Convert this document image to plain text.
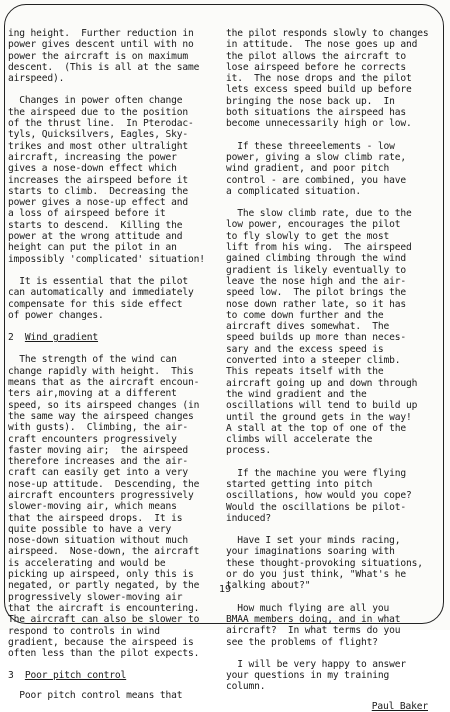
ing height.  Further reduction in
power gives descent until with no
power the aircraft is on maximum
descent.  (This is all at the same
airspeed).

Changes in power often change
the airspeed due to the position
of the thrust line.  In Pterodac-
tyls, Quicksilvers, Eagles, Sky-
trikes and most other ultralight
aircraft, increasing the power
gives a nose-down effect which
increases the airspeed before it
starts to climb.  Decreasing the
power gives a nose-up effect and
a loss of airspeed before it
starts to descend.  Killing the
power at the wrong attitude and
height can put the pilot in an
impossibly 'complicated' situation!

It is essential that the pilot
can automatically and immediately
compensate for this side effect
of power changes.

2 Wind gradient

The strength of the wind can
change rapidly with height.  This
means that as the aircraft encoun-
ters air,moving at a different
speed, so its airspeed changes (in
the same way the airspeed changes
with gusts).  Climbing, the air-
craft encounters progressively
faster moving air;  the airspeed
therefore increases and the air-
craft can easily get into a very
nose-up attitude.  Descending, the
aircraft encounters progressively
slower-moving air, which means
that the airspeed drops.  It is
quite possible to have a very
nose-down situation without much
airspeed.  Nose-down, the aircraft
is accelerating and would be
picking up airspeed, only this is
negated, or partly negated, by the
progressively slower-moving air
that the aircraft is encountering.
The aircraft can also be slower to
respond to controls in wind
gradient, because the airspeed is
often less than the pilot expects.

3 Poor pitch control

Poor pitch control means that

the pilot responds slowly to changes
in attitude.  The nose goes up and
the pilot allows the aircraft to
lose airspeed before he corrects
it.  The nose drops and the pilot
lets excess speed build up before
bringing the nose back up.  In
both situations the airspeed has
become unnecessarily high or low.

If these threeelements - low
power, giving a slow climb rate,
wind gradient, and poor pitch
control - are combined, you have
a complicated situation.

The slow climb rate, due to the
low power, encourages the pilot
to fly slowly to get the most
lift from his wing.  The airspeed
gained climbing through the wind
gradient is likely eventually to
leave the nose high and the air-
speed low.  The pilot brings the
nose down rather late, so it has
to come down further and the
aircraft dives somewhat.  The
speed builds up more than neces-
sary and the excess speed is
converted into a steeper climb.
This repeats itself with the
aircraft going up and down through
the wind gradient and the
oscillations will tend to build up
until the ground gets in the way!
A stall at the top of one of the
climbs will accelerate the
process.

If the machine you were flying
started getting into pitch
oscillations, how would you cope?
Would the oscillations be pilot-
induced?

Have I set your minds racing,
your imaginations soaring with
these thought-provoking situations,
or do you just think, "What's he
talking about?"

How much flying are all you
BMAA members doing, and in what
aircraft?  In what terms do you
see the problems of flight?

I will be very happy to answer
your questions in my training
column.

Paul Baker

19
